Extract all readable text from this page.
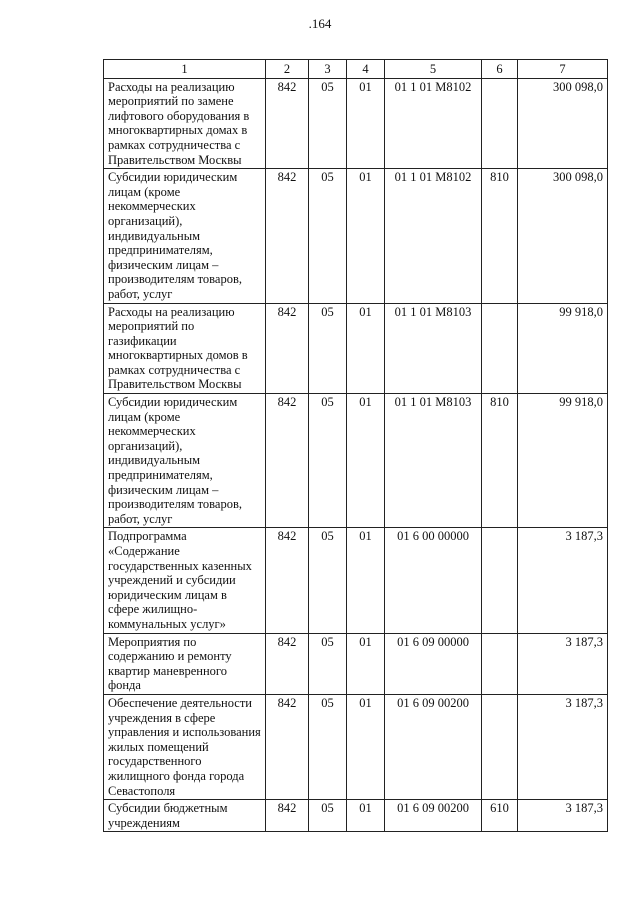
.164
1	2	3	4	5	6	7
Расходы на реализацию мероприятий по замене лифтового оборудования в многоквартирных домах в рамках сотрудничества с Правительством Москвы	842	05	01	01 1 01 М8102		300 098,0
Субсидии юридическим лицам (кроме некоммерческих организаций), индивидуальным предпринимателям, физическим лицам – производителям товаров, работ, услуг	842	05	01	01 1 01 М8102	810	300 098,0
Расходы на реализацию мероприятий по газификации многоквартирных домов в рамках сотрудничества с Правительством Москвы	842	05	01	01 1 01 М8103		99 918,0
Субсидии юридическим лицам (кроме некоммерческих организаций), индивидуальным предпринимателям, физическим лицам – производителям товаров, работ, услуг	842	05	01	01 1 01 М8103	810	99 918,0
Подпрограмма «Содержание государственных казенных учреждений и субсидии юридическим лицам в сфере жилищно-коммунальных услуг»	842	05	01	01 6 00 00000		3 187,3
Мероприятия по содержанию и ремонту квартир маневренного фонда	842	05	01	01 6 09 00000		3 187,3
Обеспечение деятельности учреждения в сфере управления и использования жилых помещений государственного жилищного фонда города Севастополя	842	05	01	01 6 09 00200		3 187,3
Субсидии бюджетным учреждениям	842	05	01	01 6 09 00200	610	3 187,3
